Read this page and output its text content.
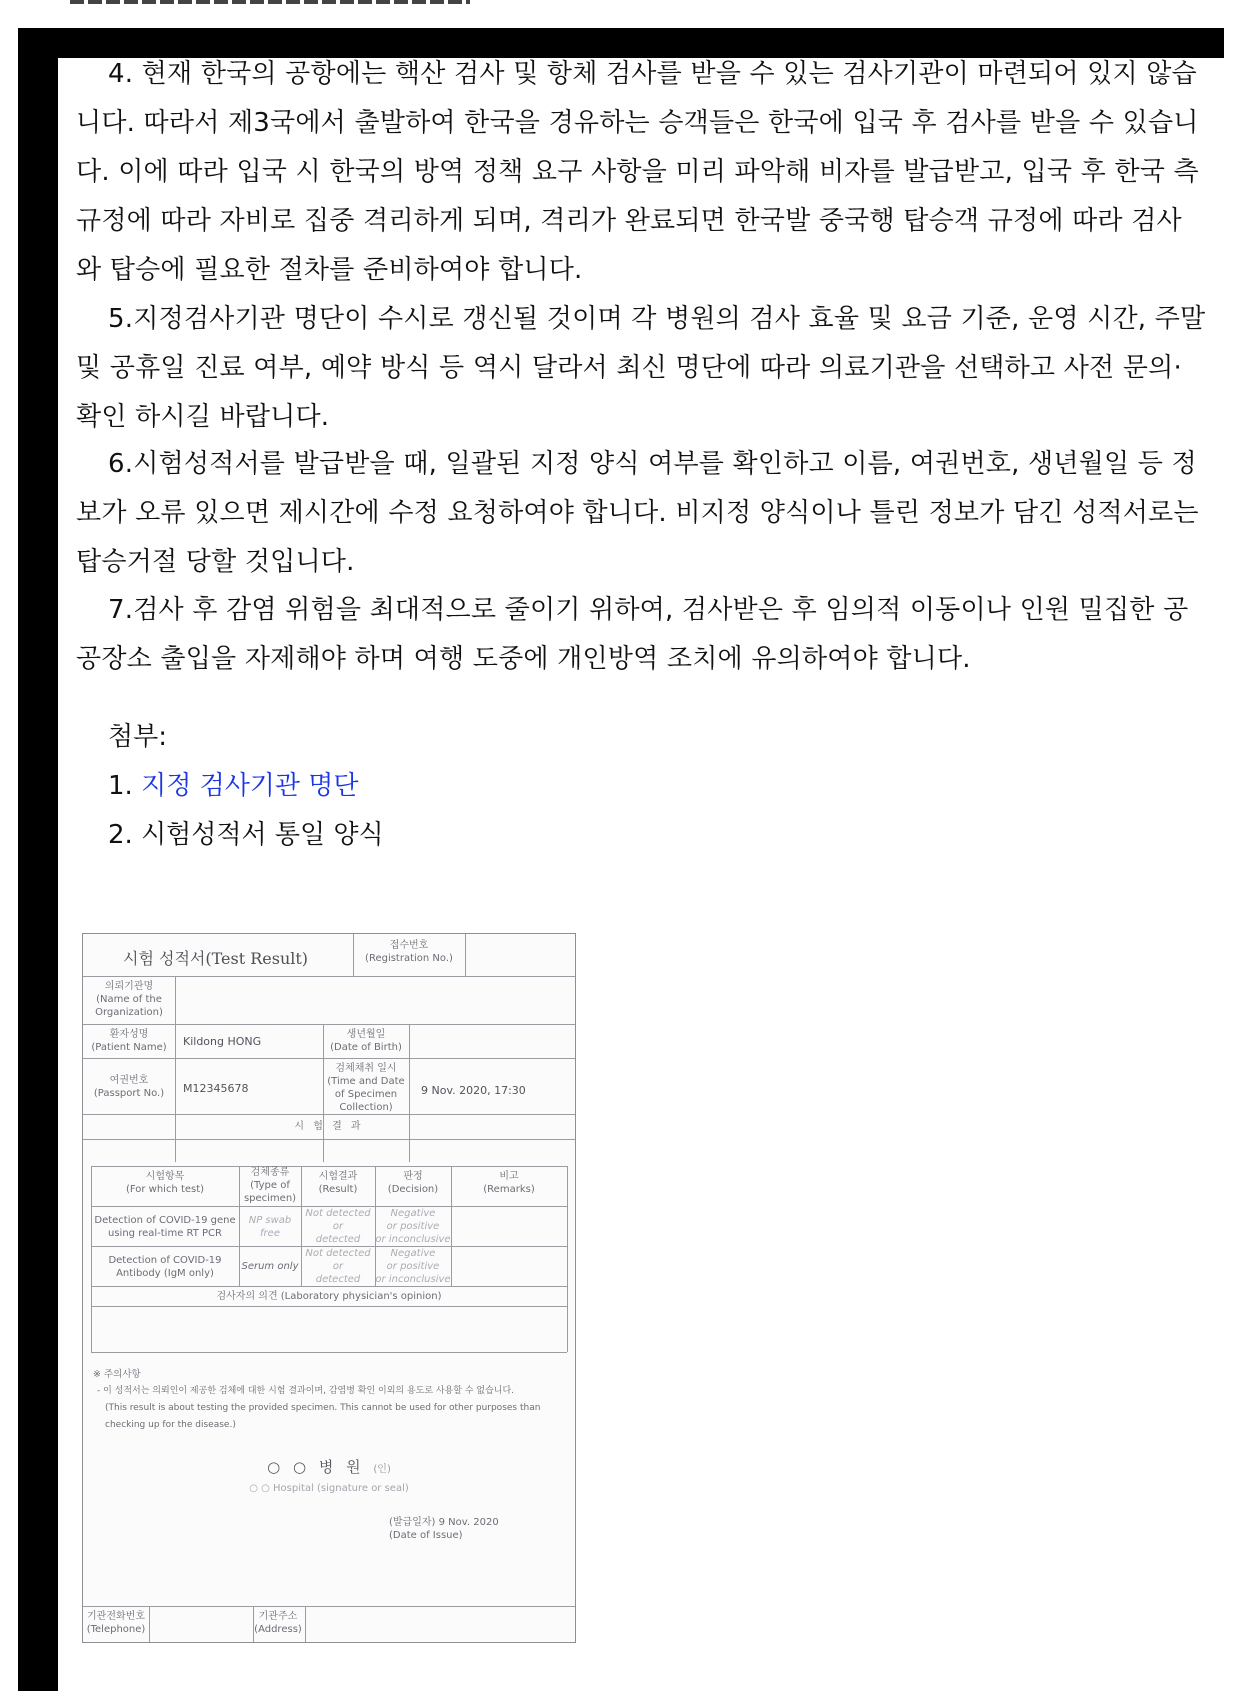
4. 현재 한국의 공항에는 핵산 검사 및 항체 검사를 받을 수 있는 검사기관이 마련되어 있지 않습니다. 따라서 제3국에서 출발하여 한국을 경유하는 승객들은 한국에 입국 후 검사를 받을 수 있습니다. 이에 따라 입국 시 한국의 방역 정책 요구 사항을 미리 파악해 비자를 발급받고, 입국 후 한국 측 규정에 따라 자비로 집중 격리하게 되며, 격리가 완료되면 한국발 중국행 탑승객 규정에 따라 검사와 탑승에 필요한 절차를 준비하여야 합니다.

5.지정검사기관 명단이 수시로 갱신될 것이며 각 병원의 검사 효율 및 요금 기준, 운영 시간, 주말 및 공휴일 진료 여부, 예약 방식 등 역시 달라서 최신 명단에 따라 의료기관을 선택하고 사전 문의·확인 하시길 바랍니다.

6.시험성적서를 발급받을 때, 일괄된 지정 양식 여부를 확인하고 이름, 여권번호, 생년월일 등 정보가 오류 있으면 제시간에 수정 요청하여야 합니다. 비지정 양식이나 틀린 정보가 담긴 성적서로는 탑승거절 당할 것입니다.

7.검사 후 감염 위험을 최대적으로 줄이기 위하여, 검사받은 후 임의적 이동이나 인원 밀집한 공공장소 출입을 자제해야 하며 여행 도중에 개인방역 조치에 유의하여야 합니다.

첨부:
1. 지정 검사기관 명단
2. 시험성적서 통일 양식
시험 성적서(Test Result)
접수번호
(Registration No.)
의뢰기관명
(Name of the
Organization)
환자성명
(Patient Name)	Kildong HONG
생년월일
(Date of Birth)
여권번호
(Passport No.)	M12345678
검체채취 일시
(Time and Date
of Specimen
Collection)
9 Nov. 2020, 17:30
시 험 결 과
시험항목
(For which test)
검체종류
(Type of
specimen)
시험결과
(Result)
판정
(Decision)
비고
(Remarks)
Detection of COVID-19 gene
using real-time RT PCR
NP swab
free
Not detected
or
detected
Negative
or positive
or inconclusive
Detection of COVID-19
Antibody (IgM only)
Serum only
Not detected
or
detected
Negative
or positive
or inconclusive
검사자의 의견 (Laboratory physician's opinion)
※ 주의사항
- 이 성적서는 의뢰인이 제공한 검체에 대한 시험 결과이며, 감염병 확인 이외의 용도로 사용할 수 없습니다.
(This result is about testing the provided specimen. This cannot be used for other purposes than
checking up for the disease.)
○ ○ 병 원 (인)
○ ○ Hospital (signature or seal)
(발급일자) 9 Nov. 2020
(Date of Issue)
기관전화번호
(Telephone)
기관주소
(Address)
